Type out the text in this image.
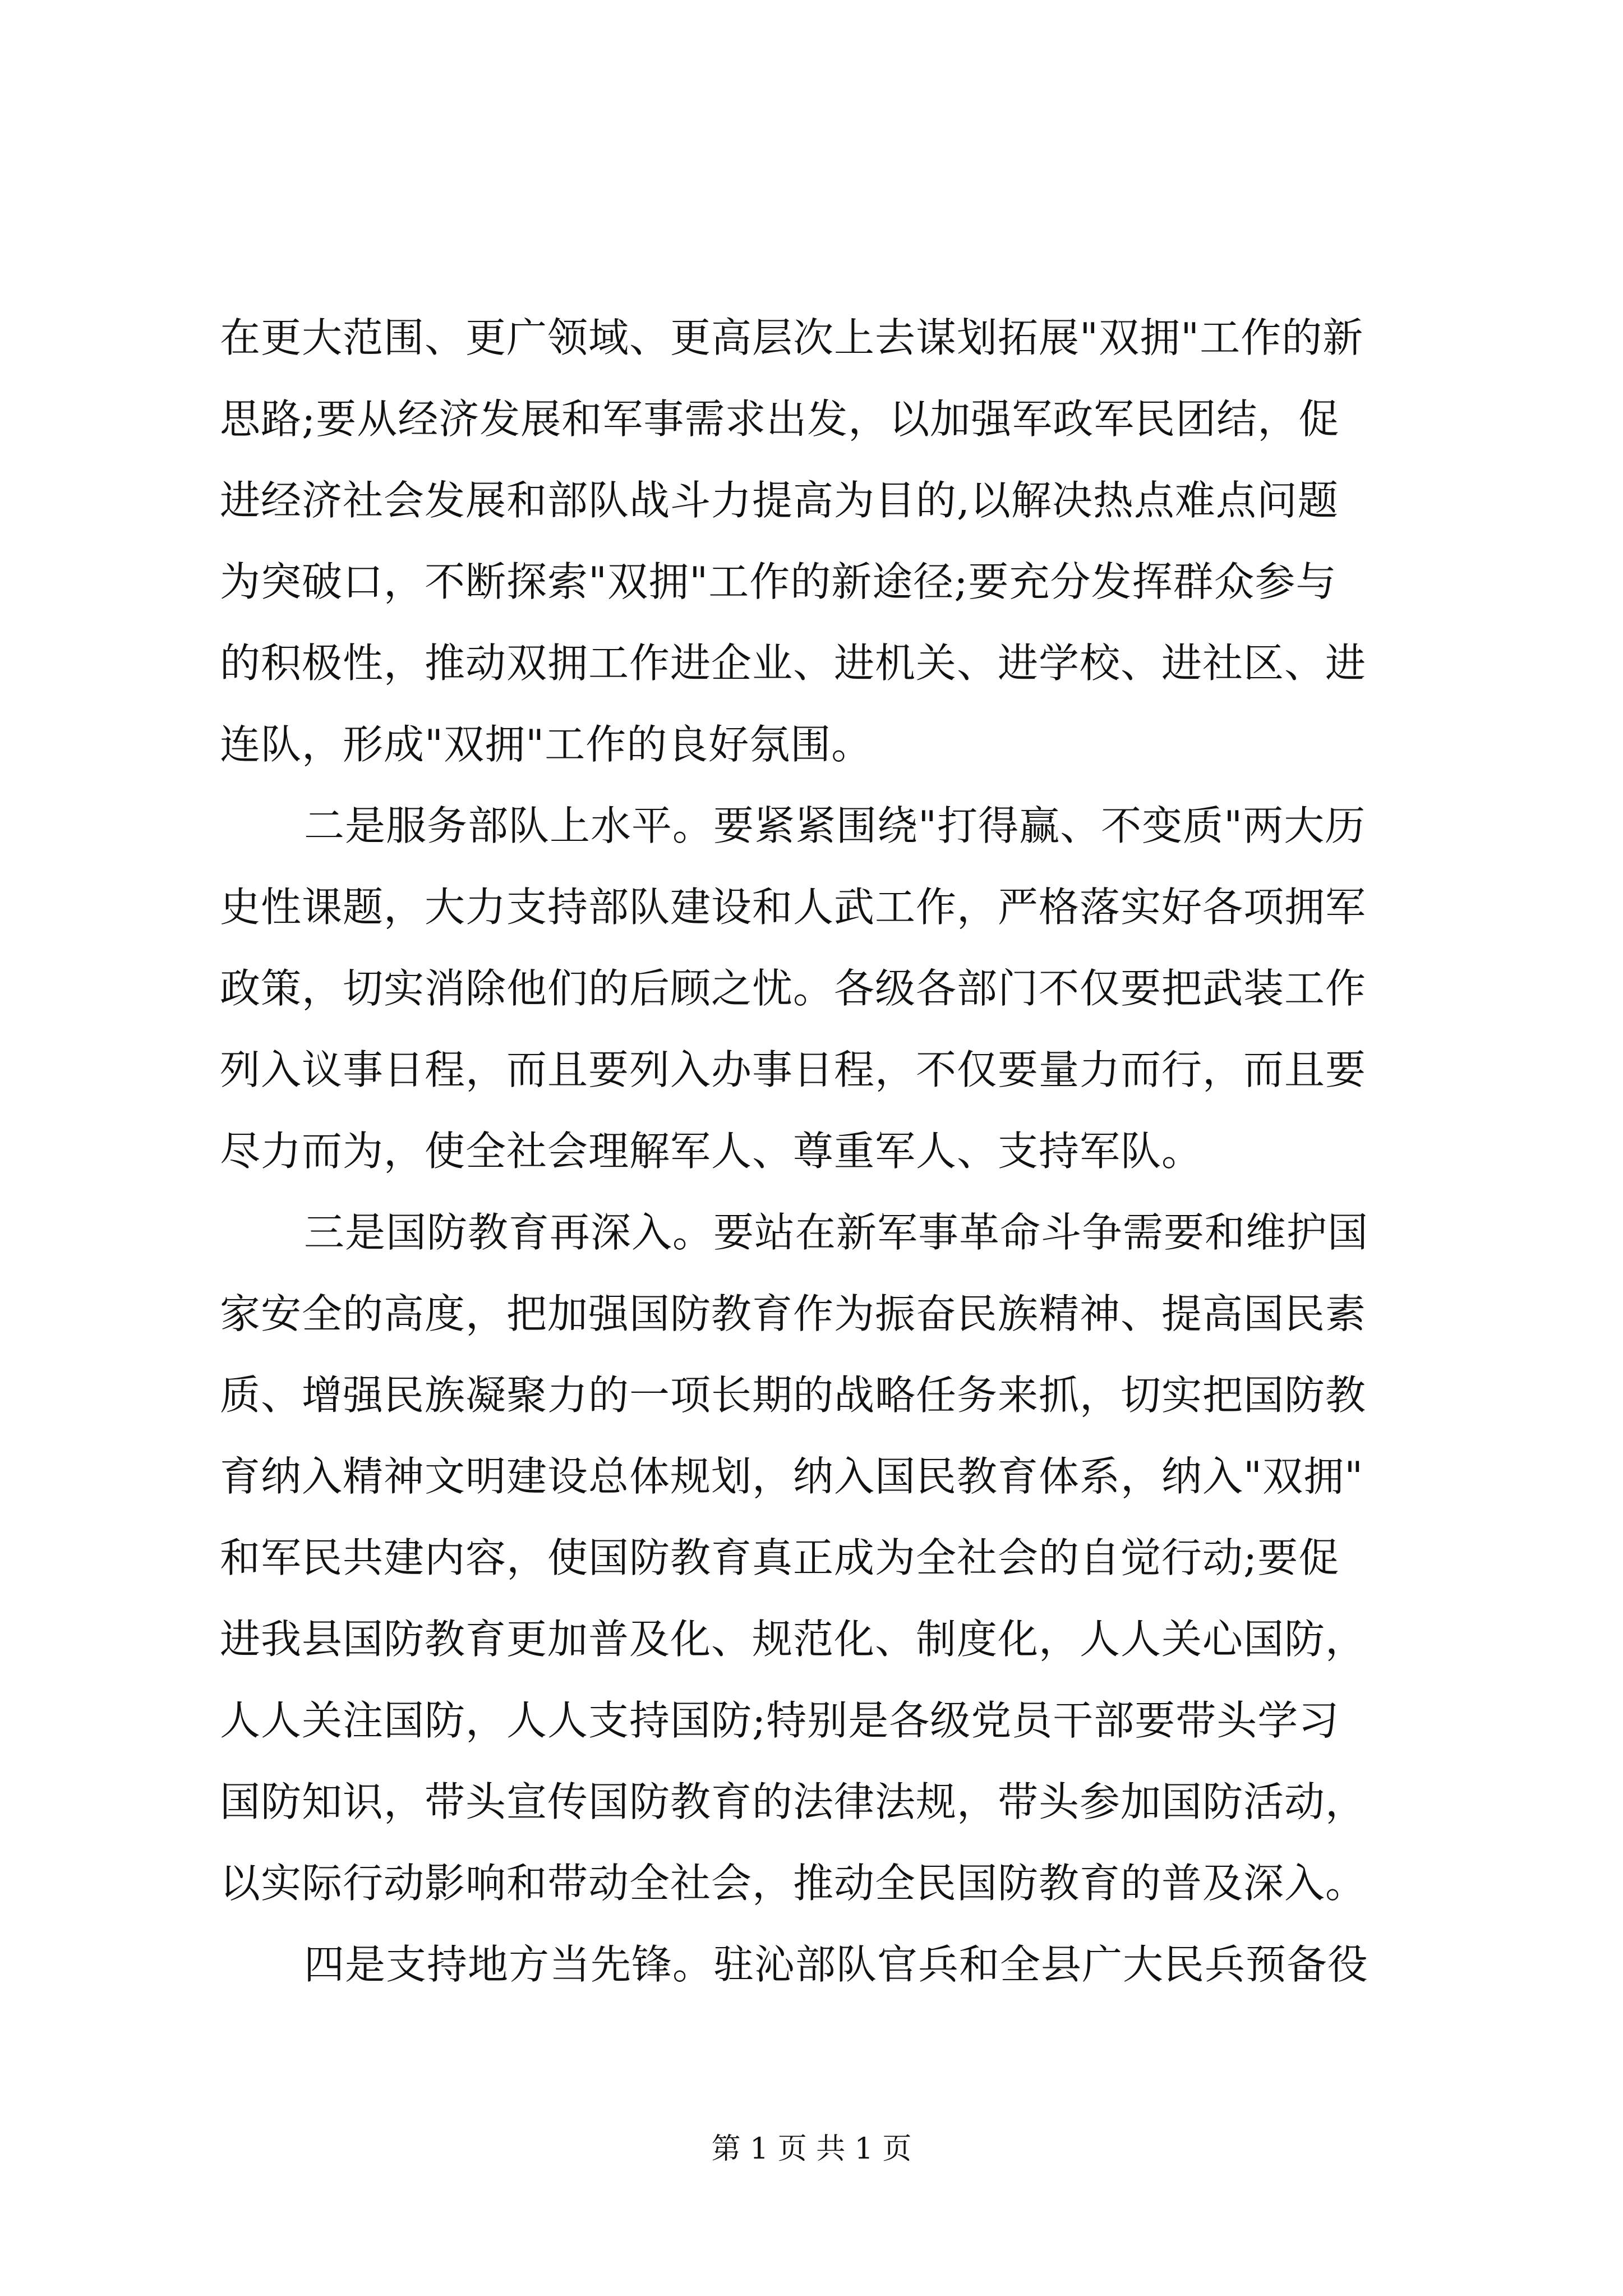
在更大范围、更广领域、更高层次上去谋划拓展"双拥"工作的新
思路;要从经济发展和军事需求出发，以加强军政军民团结，促
进经济社会发展和部队战斗力提高为目的,以解决热点难点问题
为突破口，不断探索"双拥"工作的新途径;要充分发挥群众参与
的积极性，推动双拥工作进企业、进机关、进学校、进社区、进
连队，形成"双拥"工作的良好氛围。
二是服务部队上水平。要紧紧围绕"打得赢、不变质"两大历
史性课题，大力支持部队建设和人武工作，严格落实好各项拥军
政策，切实消除他们的后顾之忧。各级各部门不仅要把武装工作
列入议事日程，而且要列入办事日程，不仅要量力而行，而且要
尽力而为，使全社会理解军人、尊重军人、支持军队。
三是国防教育再深入。要站在新军事革命斗争需要和维护国
家安全的高度，把加强国防教育作为振奋民族精神、提高国民素
质、增强民族凝聚力的一项长期的战略任务来抓，切实把国防教
育纳入精神文明建设总体规划，纳入国民教育体系，纳入"双拥"
和军民共建内容，使国防教育真正成为全社会的自觉行动;要促
进我县国防教育更加普及化、规范化、制度化，人人关心国防，
人人关注国防，人人支持国防;特别是各级党员干部要带头学习
国防知识，带头宣传国防教育的法律法规，带头参加国防活动，
以实际行动影响和带动全社会，推动全民国防教育的普及深入。
四是支持地方当先锋。驻沁部队官兵和全县广大民兵预备役
第 1 页 共 1 页
